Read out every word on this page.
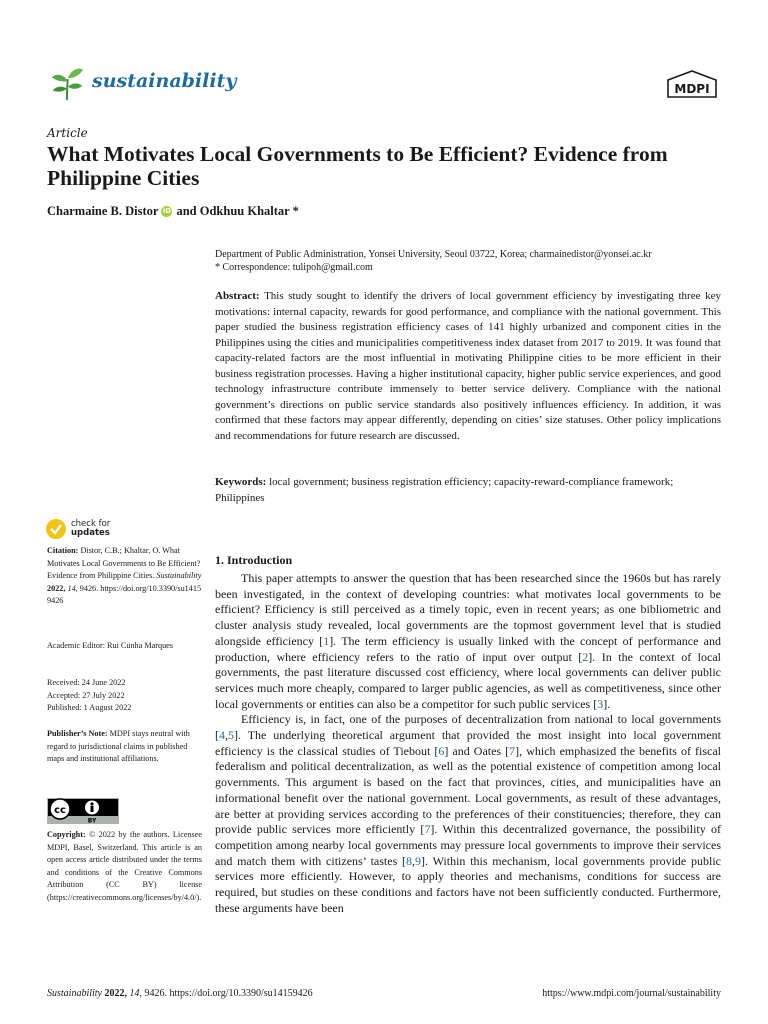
sustainability	MDPI
Article
What Motivates Local Governments to Be Efficient? Evidence from Philippine Cities
Charmaine B. Distor iD and
Odkhuu Khaltar *
Department of Public Administration, Yonsei University, Seoul 03722, Korea; charmainedistor@yonsei.ac.kr
* Correspondence: tulipoh@gmail.com
Abstract: This study sought to identify the drivers of local government efficiency by investigating three key motivations: internal capacity, rewards for good performance, and compliance with the national government. This paper studied the business registration efficiency cases of 141 highly urbanized and component cities in the Philippines using the cities and municipalities competitiveness index dataset from 2017 to 2019. It was found that capacity-related factors are the most influential in motivating Philippine cities to be more efficient in their business registration processes. Having a higher institutional capacity, higher public service experiences, and good technology infrastructure contribute immensely to better service delivery. Compliance with the national government’s directions on public service standards also positively influences efficiency. In addition, it was confirmed that these factors may appear differently, depending on cities’ size statuses. Other policy implications and recommendations for future research are discussed.
Keywords: local government; business registration efficiency; capacity-reward-compliance framework; Philippines
check for
updates
Citation: Distor, C.B.; Khaltar, O. What Motivates Local Governments to Be Efficient? Evidence from Philippine Cities. Sustainability 2022, 14, 9426. https://doi.org/10.3390/su14159426
Academic Editor: Rui Cunha Marques
Received: 24 June 2022
Accepted: 27 July 2022
Published: 1 August 2022
Publisher’s Note: MDPI stays neutral with regard to jurisdictional claims in published maps and institutional affiliations.
cc
BY
Copyright: © 2022 by the authors. Licensee MDPI, Basel, Switzerland. This article is an open access article distributed under the terms and conditions of the Creative Commons Attribution (CC BY) license (https://creativecommons.org/licenses/by/4.0/).
1. Introduction

This paper attempts to answer the question that has been researched since the 1960s but has rarely been investigated, in the context of developing countries: what motivates local governments to be efficient? Efficiency is still perceived as a timely topic, even in recent years; as one bibliometric and cluster analysis study revealed, local governments are the topmost government level that is studied alongside efficiency [1]. The term efficiency is usually linked with the concept of performance and production, where efficiency refers to the ratio of input over output [2]. In the context of local governments, the past literature discussed cost efficiency, where local governments can deliver public services much more cheaply, compared to larger public agencies, as well as competitiveness, since other local governments or entities can also be a competitor for such public services [3].

Efficiency is, in fact, one of the purposes of decentralization from national to local governments [4,5]. The underlying theoretical argument that provided the most insight into local government efficiency is the classical studies of Tiebout [6] and Oates [7], which emphasized the benefits of fiscal federalism and political decentralization, as well as the potential existence of competition among local governments. This argument is based on the fact that provinces, cities, and municipalities have an informational benefit over the national government. Local governments, as result of these advantages, are better at providing services according to the preferences of their constituencies; therefore, they can provide public services more efficiently [7]. Within this decentralized governance, the possibility of competition among nearby local governments may pressure local governments to improve their services and match them with citizens’ tastes [8,9]. Within this mechanism, local governments provide public services more efficiently. However, to apply theories and mechanisms, conditions for success are required, but studies on these conditions and factors have not been sufficiently conducted. Furthermore, these arguments have been

Sustainability 2022, 14, 9426. https://doi.org/10.3390/su14159426	https://www.mdpi.com/journal/sustainability
